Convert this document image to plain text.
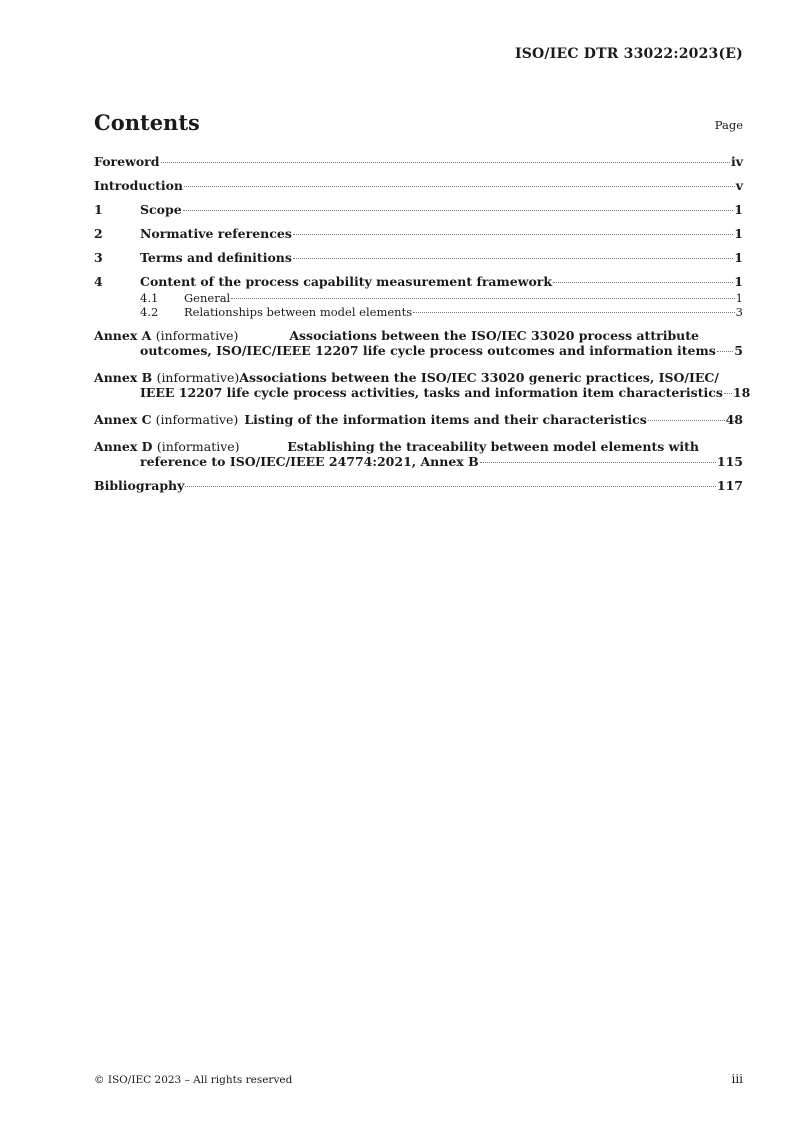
ISO/IEC DTR 33022:2023(E)
Contents	Page
Foreword	iv
Introduction	v
1	Scope	1
2	Normative references	1
3	Terms and definitions	1
4	Content of the process capability measurement framework	1
4.1	General	1
4.2	Relationships between model elements	3
Annex A (informative)	Associations between the ISO/IEC 33020 process attribute
outcomes, ISO/IEC/IEEE 12207 life cycle process outcomes and information items 5
Annex B (informative) Associations between the ISO/IEC 33020 generic practices, ISO/IEC/
IEEE 12207 life cycle process activities, tasks and information item characteristics 18
Annex C (informative) Listing of the information items and their characteristics	48
Annex D (informative)	Establishing the traceability between model elements with
reference to ISO/IEC/IEEE 24774:2021, Annex B	115
Bibliography	117
© ISO/IEC 2023 – All rights reserved	iii
